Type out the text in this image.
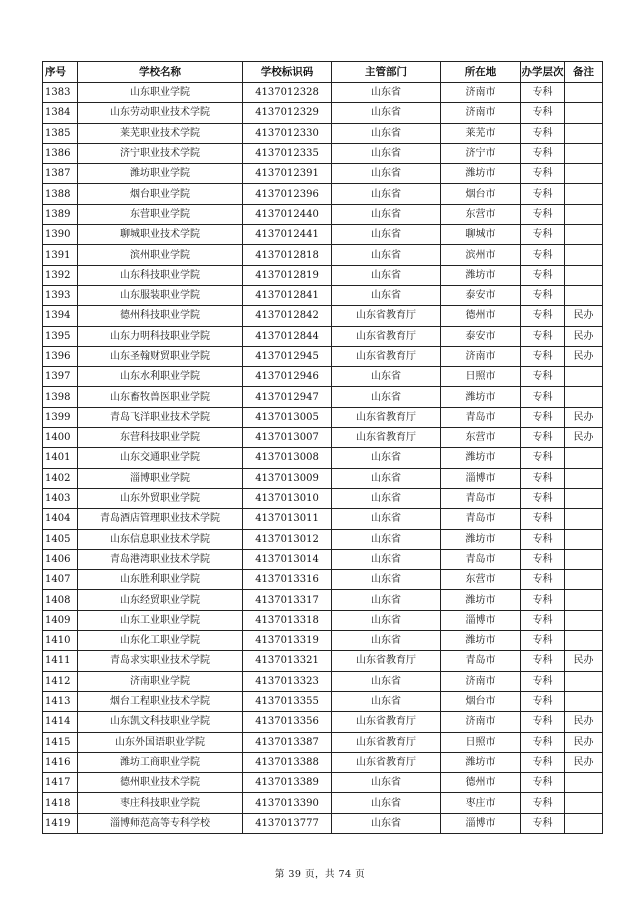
序号	学校名称	学校标识码	主管部门	所在地	办学层次	备注
1383	山东职业学院	4137012328	山东省	济南市	专科	
1384	山东劳动职业技术学院	4137012329	山东省	济南市	专科	
1385	莱芜职业技术学院	4137012330	山东省	莱芜市	专科	
1386	济宁职业技术学院	4137012335	山东省	济宁市	专科	
1387	潍坊职业学院	4137012391	山东省	潍坊市	专科	
1388	烟台职业学院	4137012396	山东省	烟台市	专科	
1389	东营职业学院	4137012440	山东省	东营市	专科	
1390	聊城职业技术学院	4137012441	山东省	聊城市	专科	
1391	滨州职业学院	4137012818	山东省	滨州市	专科	
1392	山东科技职业学院	4137012819	山东省	潍坊市	专科	
1393	山东服装职业学院	4137012841	山东省	泰安市	专科	
1394	德州科技职业学院	4137012842	山东省教育厅	德州市	专科	民办
1395	山东力明科技职业学院	4137012844	山东省教育厅	泰安市	专科	民办
1396	山东圣翰财贸职业学院	4137012945	山东省教育厅	济南市	专科	民办
1397	山东水利职业学院	4137012946	山东省	日照市	专科	
1398	山东畜牧兽医职业学院	4137012947	山东省	潍坊市	专科	
1399	青岛飞洋职业技术学院	4137013005	山东省教育厅	青岛市	专科	民办
1400	东营科技职业学院	4137013007	山东省教育厅	东营市	专科	民办
1401	山东交通职业学院	4137013008	山东省	潍坊市	专科	
1402	淄博职业学院	4137013009	山东省	淄博市	专科	
1403	山东外贸职业学院	4137013010	山东省	青岛市	专科	
1404	青岛酒店管理职业技术学院	4137013011	山东省	青岛市	专科	
1405	山东信息职业技术学院	4137013012	山东省	潍坊市	专科	
1406	青岛港湾职业技术学院	4137013014	山东省	青岛市	专科	
1407	山东胜利职业学院	4137013316	山东省	东营市	专科	
1408	山东经贸职业学院	4137013317	山东省	潍坊市	专科	
1409	山东工业职业学院	4137013318	山东省	淄博市	专科	
1410	山东化工职业学院	4137013319	山东省	潍坊市	专科	
1411	青岛求实职业技术学院	4137013321	山东省教育厅	青岛市	专科	民办
1412	济南职业学院	4137013323	山东省	济南市	专科	
1413	烟台工程职业技术学院	4137013355	山东省	烟台市	专科	
1414	山东凯文科技职业学院	4137013356	山东省教育厅	济南市	专科	民办
1415	山东外国语职业学院	4137013387	山东省教育厅	日照市	专科	民办
1416	潍坊工商职业学院	4137013388	山东省教育厅	潍坊市	专科	民办
1417	德州职业技术学院	4137013389	山东省	德州市	专科	
1418	枣庄科技职业学院	4137013390	山东省	枣庄市	专科	
1419	淄博师范高等专科学校	4137013777	山东省	淄博市	专科	
第 39 页，共 74 页
